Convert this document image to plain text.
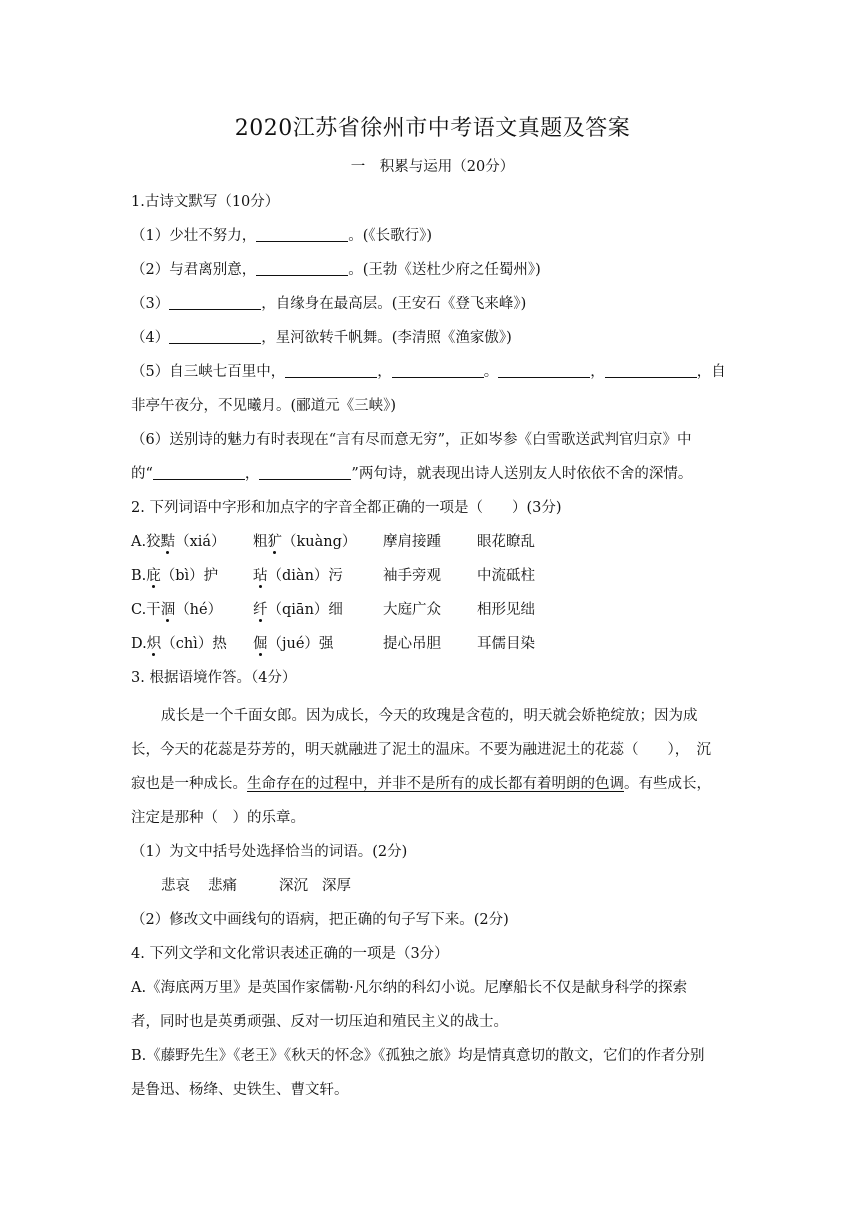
2020江苏省徐州市中考语文真题及答案
一　积累与运用（20分）
1.古诗文默写（10分）
（1）少壮不努力，	。(《长歌行》)
（2）与君离别意，	。(王勃《送杜少府之任蜀州》)
（3）	，自缘身在最高层。(王安石《登飞来峰》)
（4）	，星河欲转千帆舞。(李清照《渔家傲》)
（5）自三峡七百里中，	，	。	，	，自
非亭午夜分，不见曦月。(郦道元《三峡》)
（6）送别诗的魅力有时表现在“言有尽而意无穷”，正如岑参《白雪歌送武判官归京》中
的“	，	”两句诗，就表现出诗人送别友人时依依不舍的深情。
2. 下列词语中字形和加点字的字音全都正确的一项是（　　）(3分)
A.狡黠（xiá） 粗犷（kuàng） 摩肩接踵 眼花瞭乱
B.庇（bì）护 玷（diàn）污	袖手旁观 中流砥柱
C.干涸（hé） 纤（qiān）细	大庭广众 相形见绌
D.炽（chì）热 倔（jué）强	提心吊胆 耳儒目染
3. 根据语境作答。（4分）
成长是一个千面女郎。因为成长，今天的玫瑰是含苞的，明天就会娇艳绽放；因为成
长，今天的花蕊是芬芳的，明天就融进了泥土的温床。不要为融进泥土的花蕊（　　），　沉
寂也是一种成长。生命存在的过程中，并非不是所有的成长都有着明朗的色调。有些成长，
注定是那种（　）的乐章。
（1）为文中括号处选择恰当的词语。(2分)
悲哀 悲痛	深沉 深厚
（2）修改文中画线句的语病，把正确的句子写下来。(2分)
4. 下列文学和文化常识表述正确的一项是（3分）
A.《海底两万里》是英国作家儒勒·凡尔纳的科幻小说。尼摩船长不仅是献身科学的探索
者，同时也是英勇顽强、反对一切压迫和殖民主义的战士。
B.《藤野先生》《老王》《秋天的怀念》《孤独之旅》均是情真意切的散文，它们的作者分别
是鲁迅、杨绛、史铁生、曹文轩。
